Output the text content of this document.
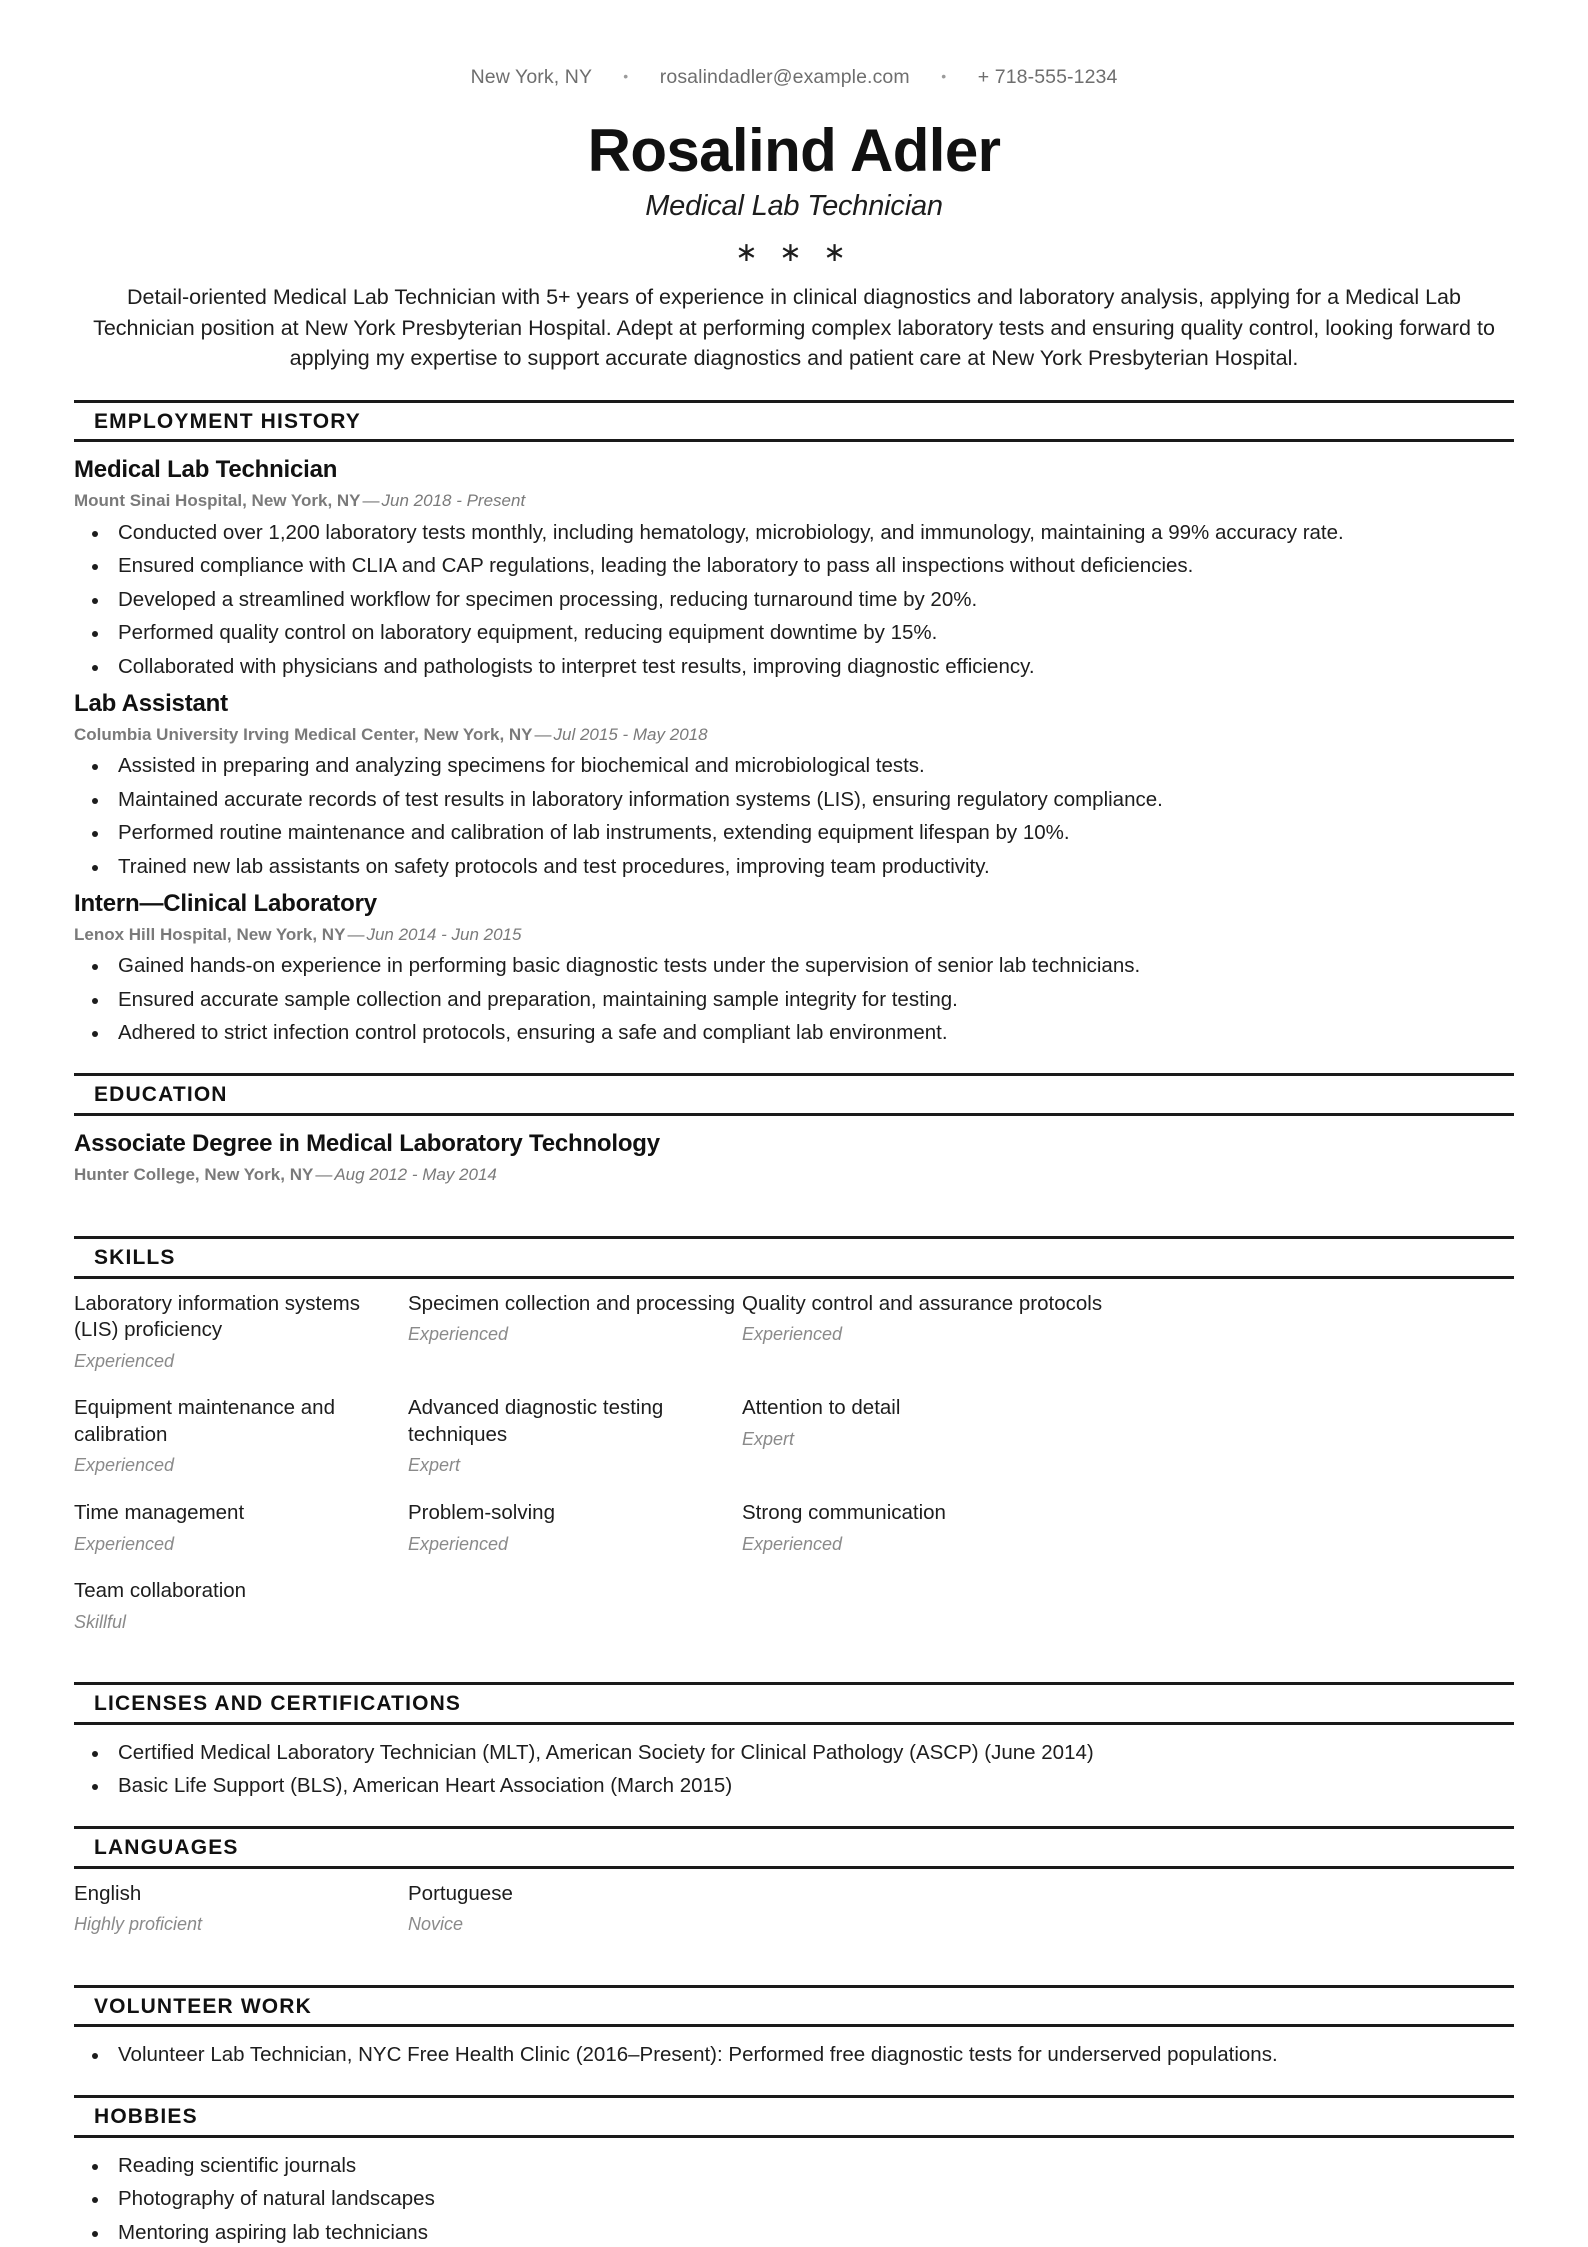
New York, NY • rosalindadler@example.com • + 718-555-1234
Rosalind Adler
Medical Lab Technician
∗ ∗ ∗
Detail-oriented Medical Lab Technician with 5+ years of experience in clinical diagnostics and laboratory analysis, applying for a Medical Lab Technician position at New York Presbyterian Hospital. Adept at performing complex laboratory tests and ensuring quality control, looking forward to applying my expertise to support accurate diagnostics and patient care at New York Presbyterian Hospital.
EMPLOYMENT HISTORY
Medical Lab Technician
Mount Sinai Hospital, New York, NY — Jun 2018 - Present
Conducted over 1,200 laboratory tests monthly, including hematology, microbiology, and immunology, maintaining a 99% accuracy rate.
Ensured compliance with CLIA and CAP regulations, leading the laboratory to pass all inspections without deficiencies.
Developed a streamlined workflow for specimen processing, reducing turnaround time by 20%.
Performed quality control on laboratory equipment, reducing equipment downtime by 15%.
Collaborated with physicians and pathologists to interpret test results, improving diagnostic efficiency.
Lab Assistant
Columbia University Irving Medical Center, New York, NY — Jul 2015 - May 2018
Assisted in preparing and analyzing specimens for biochemical and microbiological tests.
Maintained accurate records of test results in laboratory information systems (LIS), ensuring regulatory compliance.
Performed routine maintenance and calibration of lab instruments, extending equipment lifespan by 10%.
Trained new lab assistants on safety protocols and test procedures, improving team productivity.
Intern—Clinical Laboratory
Lenox Hill Hospital, New York, NY — Jun 2014 - Jun 2015
Gained hands-on experience in performing basic diagnostic tests under the supervision of senior lab technicians.
Ensured accurate sample collection and preparation, maintaining sample integrity for testing.
Adhered to strict infection control protocols, ensuring a safe and compliant lab environment.
EDUCATION
Associate Degree in Medical Laboratory Technology
Hunter College, New York, NY — Aug 2012 - May 2014
SKILLS
Laboratory information systems (LIS) proficiency
Experienced
Specimen collection and processing
Experienced
Quality control and assurance protocols
Experienced
Equipment maintenance and calibration
Experienced
Advanced diagnostic testing techniques
Expert
Attention to detail
Expert
Time management
Experienced
Problem-solving
Experienced
Strong communication
Experienced
Team collaboration
Skillful
LICENSES AND CERTIFICATIONS
Certified Medical Laboratory Technician (MLT), American Society for Clinical Pathology (ASCP) (June 2014)
Basic Life Support (BLS), American Heart Association (March 2015)
LANGUAGES
English
Highly proficient
Portuguese
Novice
VOLUNTEER WORK
Volunteer Lab Technician, NYC Free Health Clinic (2016–Present): Performed free diagnostic tests for underserved populations.
HOBBIES
Reading scientific journals
Photography of natural landscapes
Mentoring aspiring lab technicians
